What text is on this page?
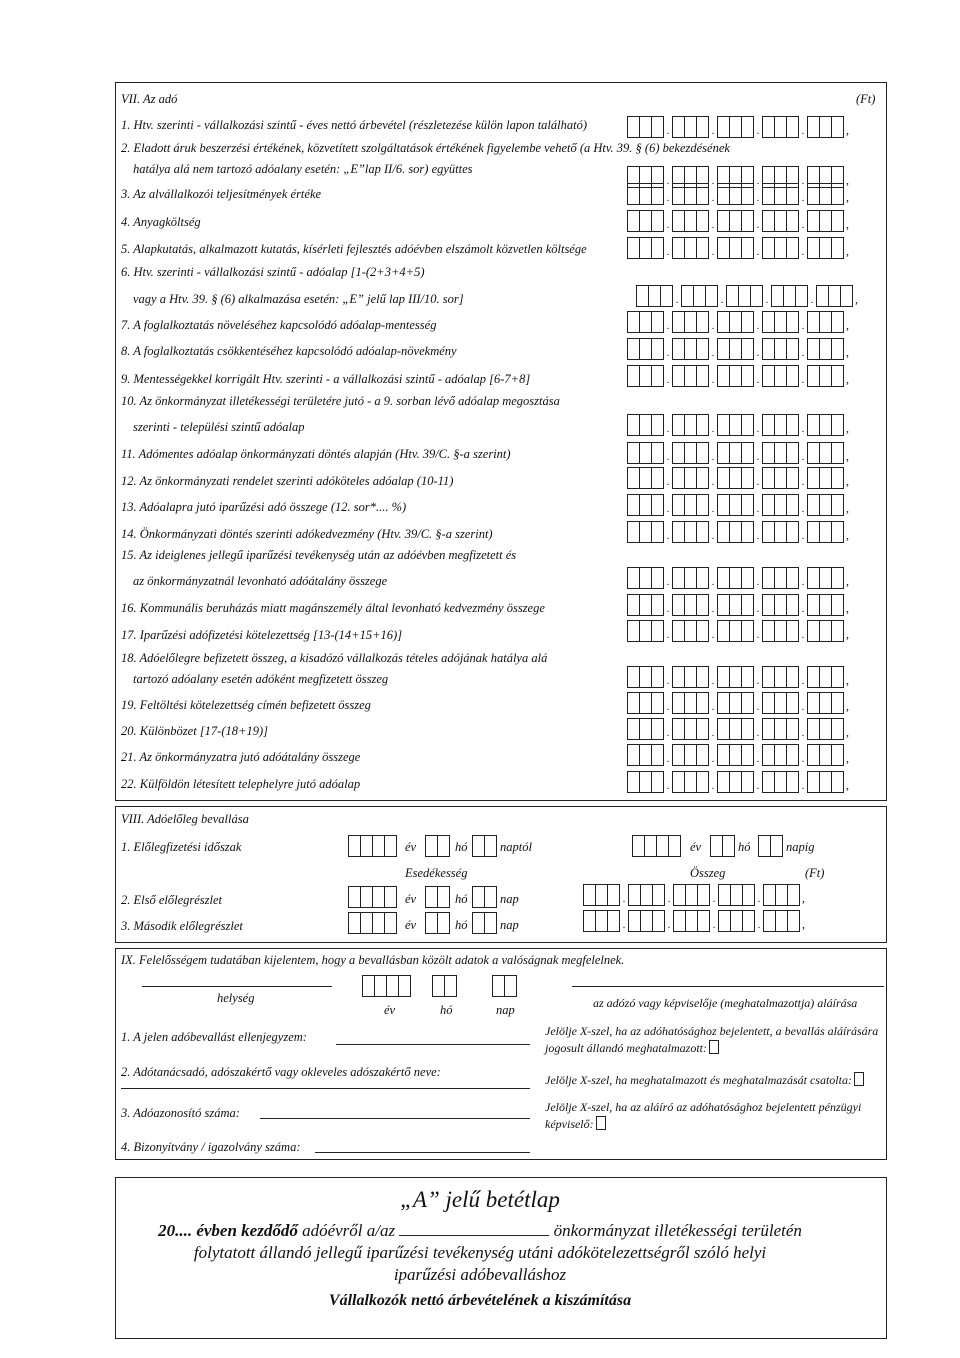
VII. Az adó	(Ft)
1. Htv. szerinti - vállalkozási szintű - éves nettó árbevétel (részletezése külön lapon található)	.	.	.	.	,
2. Eladott áruk beszerzési értékének, közvetített szolgáltatások értékének figyelembe vehető (a Htv. 39. § (6) bekezdésének
hatálya alá nem tartozó adóalany esetén: „E”lap II/6. sor) együttes
.	.	.	.	,
3. Az alvállalkozói teljesítmények értéke	.	.	.	.	,
4. Anyagköltség	.	.	.	.	,
5. Alapkutatás, alkalmazott kutatás, kísérleti fejlesztés adóévben elszámolt közvetlen költsége	.	.	.	.	,
6. Htv. szerinti - vállalkozási szintű - adóalap [1-(2+3+4+5)
vagy a Htv. 39. § (6) alkalmazása esetén: „E” jelű lap III/10. sor]	.	.	.	.	,
7. A foglalkoztatás növeléséhez kapcsolódó adóalap-mentesség	.	.	.	.	,
8. A foglalkoztatás csökkentéséhez kapcsolódó adóalap-növekmény	.	.	.	.	,
9. Mentességekkel korrigált Htv. szerinti - a vállalkozási szintű - adóalap [6-7+8]	.	.	.	.	,
10. Az önkormányzat illetékességi területére jutó - a 9. sorban lévő adóalap megosztása
szerinti - települési szintű adóalap	.	.	.	.	,
11. Adómentes adóalap önkormányzati döntés alapján (Htv. 39/C. §-a szerint)	.	.	.	.	,
12. Az önkormányzati rendelet szerinti adóköteles adóalap (10-11)	.	.	.	.	,
13. Adóalapra jutó iparűzési adó összege (12. sor*.... %)	.	.	.	.	,
14. Önkormányzati döntés szerinti adókedvezmény (Htv. 39/C. §-a szerint)	.	.	.	.	,
15. Az ideiglenes jellegű iparűzési tevékenység után az adóévben megfizetett és
az önkormányzatnál levonható adóátalány összege	.	.	.	.	,
16. Kommunális beruházás miatt magánszemély által levonható kedvezmény összege	.	.	.	.	,
17. Iparűzési adófizetési kötelezettség [13-(14+15+16)]	.	.	.	.	,
18. Adóelőlegre befizetett összeg, a kisadózó vállalkozás tételes adójának hatálya alá
tartozó adóalany esetén adóként megfizetett összeg	.	.	.	.	,
19. Feltöltési kötelezettség címén befizetett összeg	.	.	.	.	,
20. Különbözet [17-(18+19)]	.	.	.	.	,
21. Az önkormányzatra jutó adóátalány összege	.	.	.	.	,
22. Külföldön létesített telephelyre jutó adóalap	.	.	.	.	,
VIII. Adóelőleg bevallása
1. Előlegfizetési időszak	év	hó	naptól	év	hó	napig
Esedékesség	Összeg	(Ft)
2. Első előlegrészlet	év	hó	nap	.	.	.	.	,
3. Második előlegrészlet	év	hó	nap	.	.	.	.	,
IX. Felelősségem tudatában kijelentem, hogy a bevallásban közölt adatok a valóságnak megfelelnek.
helység
év	hó	nap	az adózó vagy képviselője (meghatalmazottja) aláírása
1. A jelen adóbevallást ellenjegyzem:
2. Adótanácsadó, adószakértő vagy okleveles adószakértő neve:
3. Adóazonosító száma:
4. Bizonyítvány / igazolvány száma:
Jelölje X-szel, ha az adóhatósághoz bejelentett, a bevallás aláírására
jogosult állandó meghatalmazott:
Jelölje X-szel, ha meghatalmazott és meghatalmazását csatolta:
Jelölje X-szel, ha az aláíró az adóhatósághoz bejelentett pénzügyi
képviselő:
„A” jelű betétlap
20.... évben kezdődő adóévről a/az	önkormányzat illetékességi területén
folytatott állandó jellegű iparűzési tevékenység utáni adókötelezettségről szóló helyi
iparűzési adóbevalláshoz
Vállalkozók nettó árbevételének a kiszámítása
